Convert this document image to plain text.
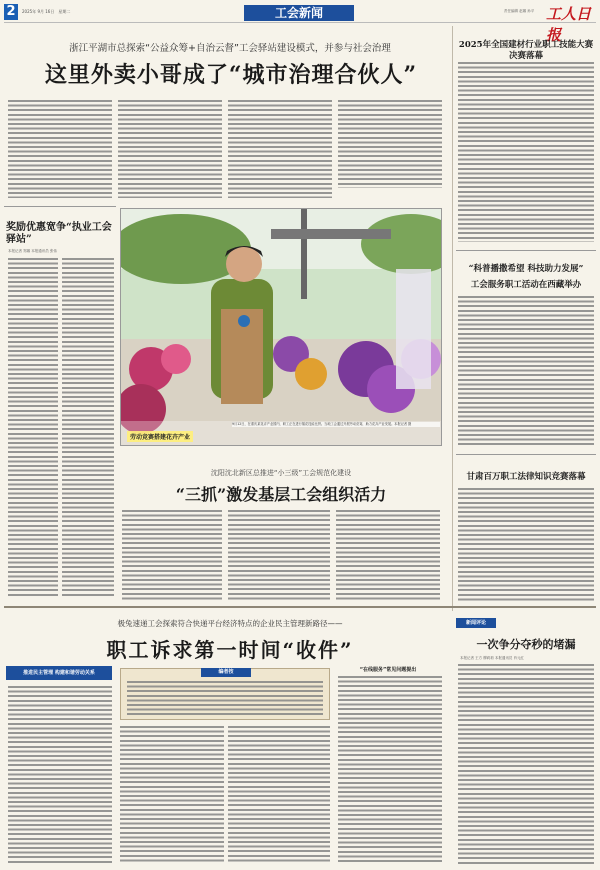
2	2025年 9月 16日　星期二	工会新闻	责任编辑 赵娜 孙平 工人日报
浙江平湖市总探索“公益众筹+自治云督”工会驿站建设模式，并参与社会治理
这里外卖小哥成了“城市治理合伙人”
奖励优惠宽争“执业工会驿站”
本报记者 郑娜 本报通讯员 张伟
劳动竞赛搭建花卉产业
9月12日，在重庆某花卉产业园内，职工正在进行插花技能比拼。当地工会通过开展劳动竞赛，助力花卉产业发展。本报记者 摄
沈阳沈北新区总推进“小三级”工会规范化建设
“三抓”激发基层工会组织活力
2025年全国建材行业职工技能大赛决赛落幕
“科普播撒希望 科技助力发展”
工会服务职工活动在西藏举办
甘肃百万职工法律知识竞赛落幕
极兔速递工会探索符合快递平台经济特点的企业民主管理新路径——
职工诉求第一时间“收件”
推进民主管理 构建和谐劳动关系	编者按	“在线服务”常见问题提出
新闻评论
一次争分夺秒的堵漏
本报记者 王方 柳莉莉 本报通讯员 肖元红
